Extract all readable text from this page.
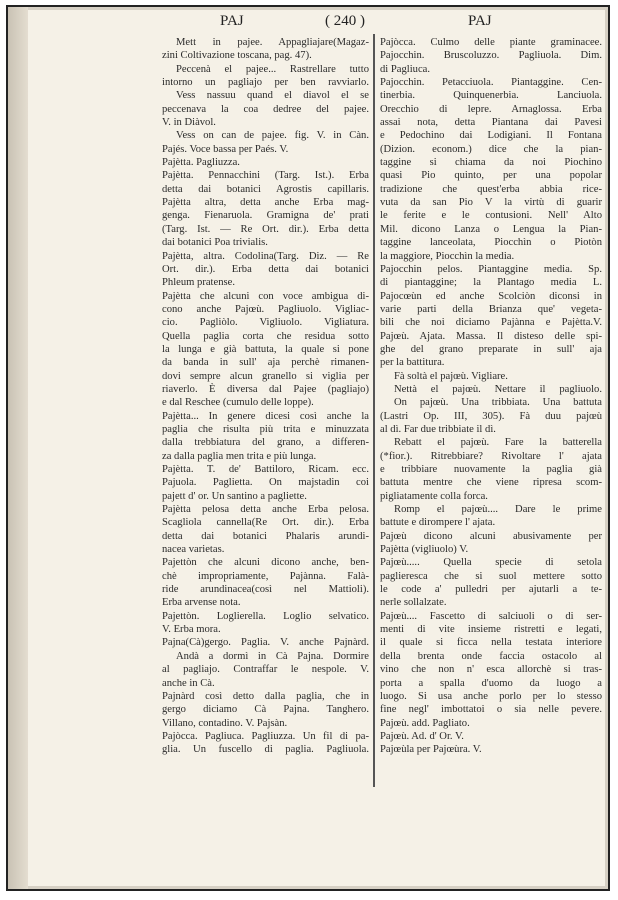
PAJ	( 240 )	PAJ
Mett in pajee. Appagliajare(Magaz-
zini Coltivazione toscana, pag. 47).
Peccenà el pajee... Rastrellare tutto
intorno un pagliajo per ben ravviarlo.
Vess nassuu quand el diavol el se
peccenava la coa dedree del pajee.
V. in Diàvol.
Vess on can de pajee. fig. V. in Càn.
Pajés. Voce bassa per Paés. V.
Pajètta. Pagliuzza.
Pajètta. Pennacchini (Targ. Ist.). Erba
detta dai botanici Agrostis capillaris.
Pajètta altra, detta anche Erba mag-
genga. Fienaruola. Gramigna de' prati
(Targ. Ist. — Re Ort. dir.). Erba detta
dai botanici Poa trivialis.
Pajètta, altra. Codolina(Targ. Diz. — Re
Ort. dir.). Erba detta dai botanici
Phleum pratense.
Pajètta che alcuni con voce ambigua di-
cono anche Pajœù. Pagliuolo. Vigliac-
cio. Pagliòlo. Vigliuolo. Vigliatura.
Quella paglia corta che residua sotto
la lunga e già battuta, la quale si pone
da banda in sull' aja perchè rimanen-
dovi sempre alcun granello si viglia per
riaverlo. È diversa dal Pajee (pagliajo)
e dal Reschee (cumulo delle loppe).
Pajètta... In genere dicesi così anche la
paglia che risulta più trita e minuzzata
dalla trebbiatura del grano, a differen-
za dalla paglia men trita e più lunga.
Pajètta. T. de' Battiloro, Ricam. ecc.
Pajuola. Paglietta. On majstadin coi
pajett d' or. Un santino a pagliette.
Pajètta pelosa detta anche Erba pelosa.
Scagliola cannella(Re Ort. dir.). Erba
detta dai botanici Phalaris arundi-
nacea varietas.
Pajettòn che alcuni dicono anche, ben-
chè impropriamente, Pajànna. Falà-
ride arundinacea(così nel Mattioli).
Erba arvense nota.
Pajettòn. Loglierella. Loglio selvatico.
V. Erba mora.
Pajna(Cà)gergo. Paglia. V. anche Pajnàrd.
Andà a dormì in Cà Pajna. Dormire
al pagliajo. Contraffar le nespole. V.
anche in Cà.
Pajnàrd così detto dalla paglia, che in
gergo diciamo Cà Pajna. Tanghero.
Villano, contadino. V. Pajsàn.
Pajòcca. Pagliuca. Pagliuzza. Un fil di pa-
glia. Un fuscello di paglia. Pagliuola.
Pajòcca. Culmo delle piante graminacee.
Pajocchin. Bruscoluzzo. Pagliuola. Dim.
di Pagliuca.
Pajocchin. Petacciuola. Piantaggine. Cen-
tinerbia. Quinquenerbia. Lanciuola.
Orecchio di lepre. Arnaglossa. Erba
assai nota, detta Piantana dai Pavesi
e Pedochino dai Lodigiani. Il Fontana
(Dizion. econom.) dice che la pian-
taggine si chiama da noi Piochino
quasi Pio quinto, per una popolar
tradizione che quest'erba abbia rice-
vuta da san Pio V la virtù di guarir
le ferite e le contusioni. Nell' Alto
Mil. dicono Lanza o Lengua la Pian-
taggine lanceolata, Piocchìn o Piotòn
la maggiore, Piocchìn la media.
Pajocchin pelos. Piantaggine media. Sp.
di piantaggine; la Plantago media L.
Pajocœùn ed anche Scolciòn diconsi in
varie parti della Brianza que' vegeta-
bili che noi diciamo Pajànna e Pajètta.V.
Pajœù. Ajata. Massa. Il disteso delle spi-
ghe del grano preparate in sull' aja
per la battitura.
Fà soltà el pajœù. Vigliare.
Nettà el pajœù. Nettare il pagliuolo.
On pajœù. Una tribbiata. Una battuta
(Lastri Op. III, 305). Fà duu pajœù
al dì. Far due tribbiate il dì.
Rebatt el pajœù. Fare la batterella
(*fior.). Ritrebbiare? Rivoltare l' ajata
e tribbiare nuovamente la paglia già
battuta mentre che viene ripresa scom-
pigliatamente colla forca.
Romp el pajœù.... Dare le prime
battute e dirompere l' ajata.
Pajœù dicono alcuni abusivamente per
Pajètta (vigliuolo) V.
Pajœù..... Quella specie di setola
paglieresca che si suol mettere sotto
le code a' pulledri per ajutarli a te-
nerle sollalzate.
Pajœù.... Fascetto di salciuoli o di ser-
menti di vite insieme ristretti e legati,
il quale si ficca nella testata interiore
della brenta onde faccia ostacolo al
vino che non n' esca allorchè si tras-
porta a spalla d'uomo da luogo a
luogo. Si usa anche porlo per lo stesso
fine negl' imbottatoi o sia nelle pevere.
Pajœù. add. Pagliato.
Pajœù. Ad. d' Or. V.
Pajœùla per Pajœùra. V.
